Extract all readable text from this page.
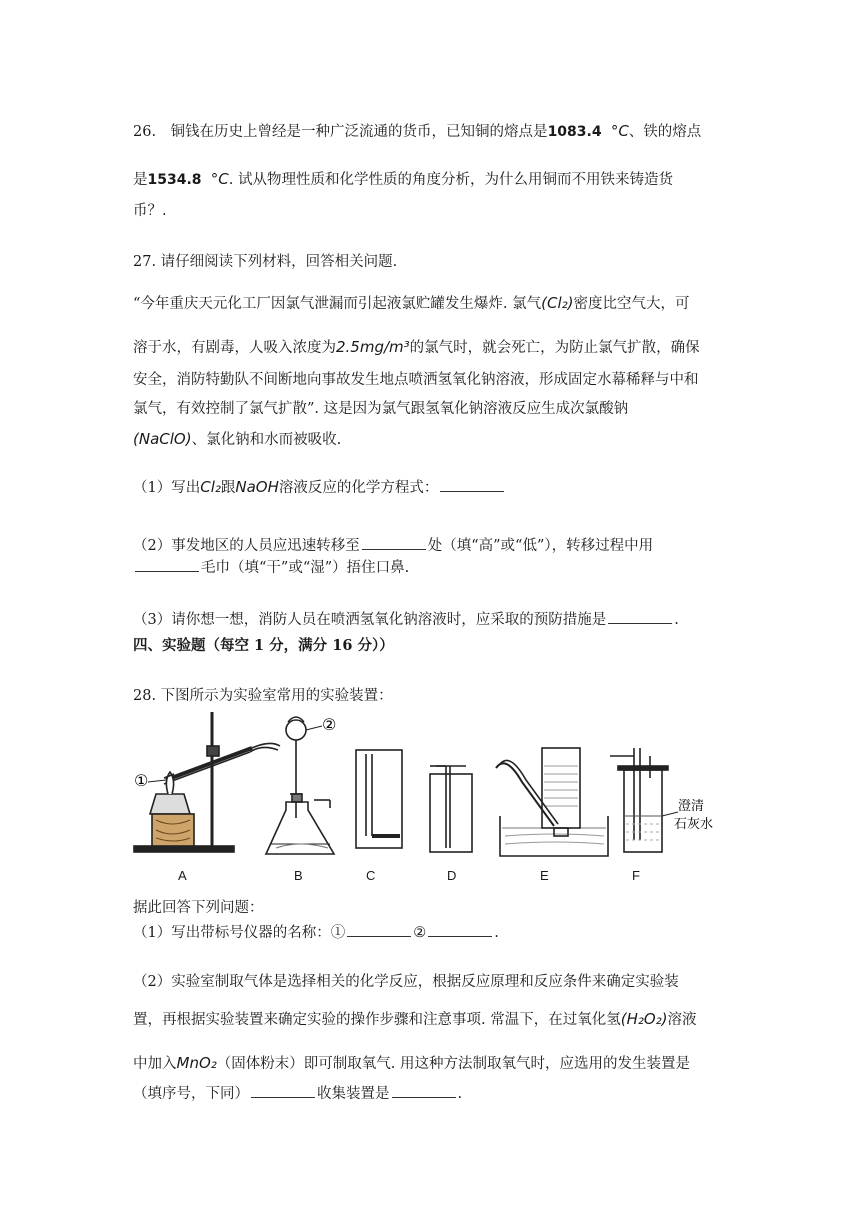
26.　铜钱在历史上曾经是一种广泛流通的货币，已知铜的熔点是1083.4 °C、铁的熔点
是1534.8 °C. 试从物理性质和化学性质的角度分析，为什么用铜而不用铁来铸造货
币？.
27. 请仔细阅读下列材料，回答相关问题.
“今年重庆天元化工厂因氯气泄漏而引起液氯贮罐发生爆炸. 氯气(Cl₂)密度比空气大，可
溶于水，有剧毒，人吸入浓度为2.5mg/m³的氯气时，就会死亡，为防止氯气扩散，确保
安全，消防特勤队不间断地向事故发生地点喷洒氢氧化钠溶液，形成固定水幕稀释与中和
氯气，有效控制了氯气扩散”. 这是因为氯气跟氢氧化钠溶液反应生成次氯酸钠
(NaClO)、氯化钠和水而被吸收.
（1）写出Cl₂跟NaOH溶液反应的化学方程式：
（2）事发地区的人员应迅速转移至	处（填“高”或“低”），转移过程中用
毛巾（填“干”或“湿”）捂住口鼻.
（3）请你想一想，消防人员在喷洒氢氧化钠溶液时，应采取的预防措施是	.
四、实验题（每空 1 分，满分 16 分））
28. 下图所示为实验室常用的实验装置：
①
②
澄清
石灰水
A	B	C	D	E	F
据此回答下列问题：
（1）写出带标号仪器的名称：①	②	.
（2）实验室制取气体是选择相关的化学反应，根据反应原理和反应条件来确定实验装
置，再根据实验装置来确定实验的操作步骤和注意事项. 常温下，在过氧化氢(H₂O₂)溶液
中加入MnO₂（固体粉末）即可制取氧气. 用这种方法制取氧气时，应选用的发生装置是
（填序号，下同）	收集装置是	.
